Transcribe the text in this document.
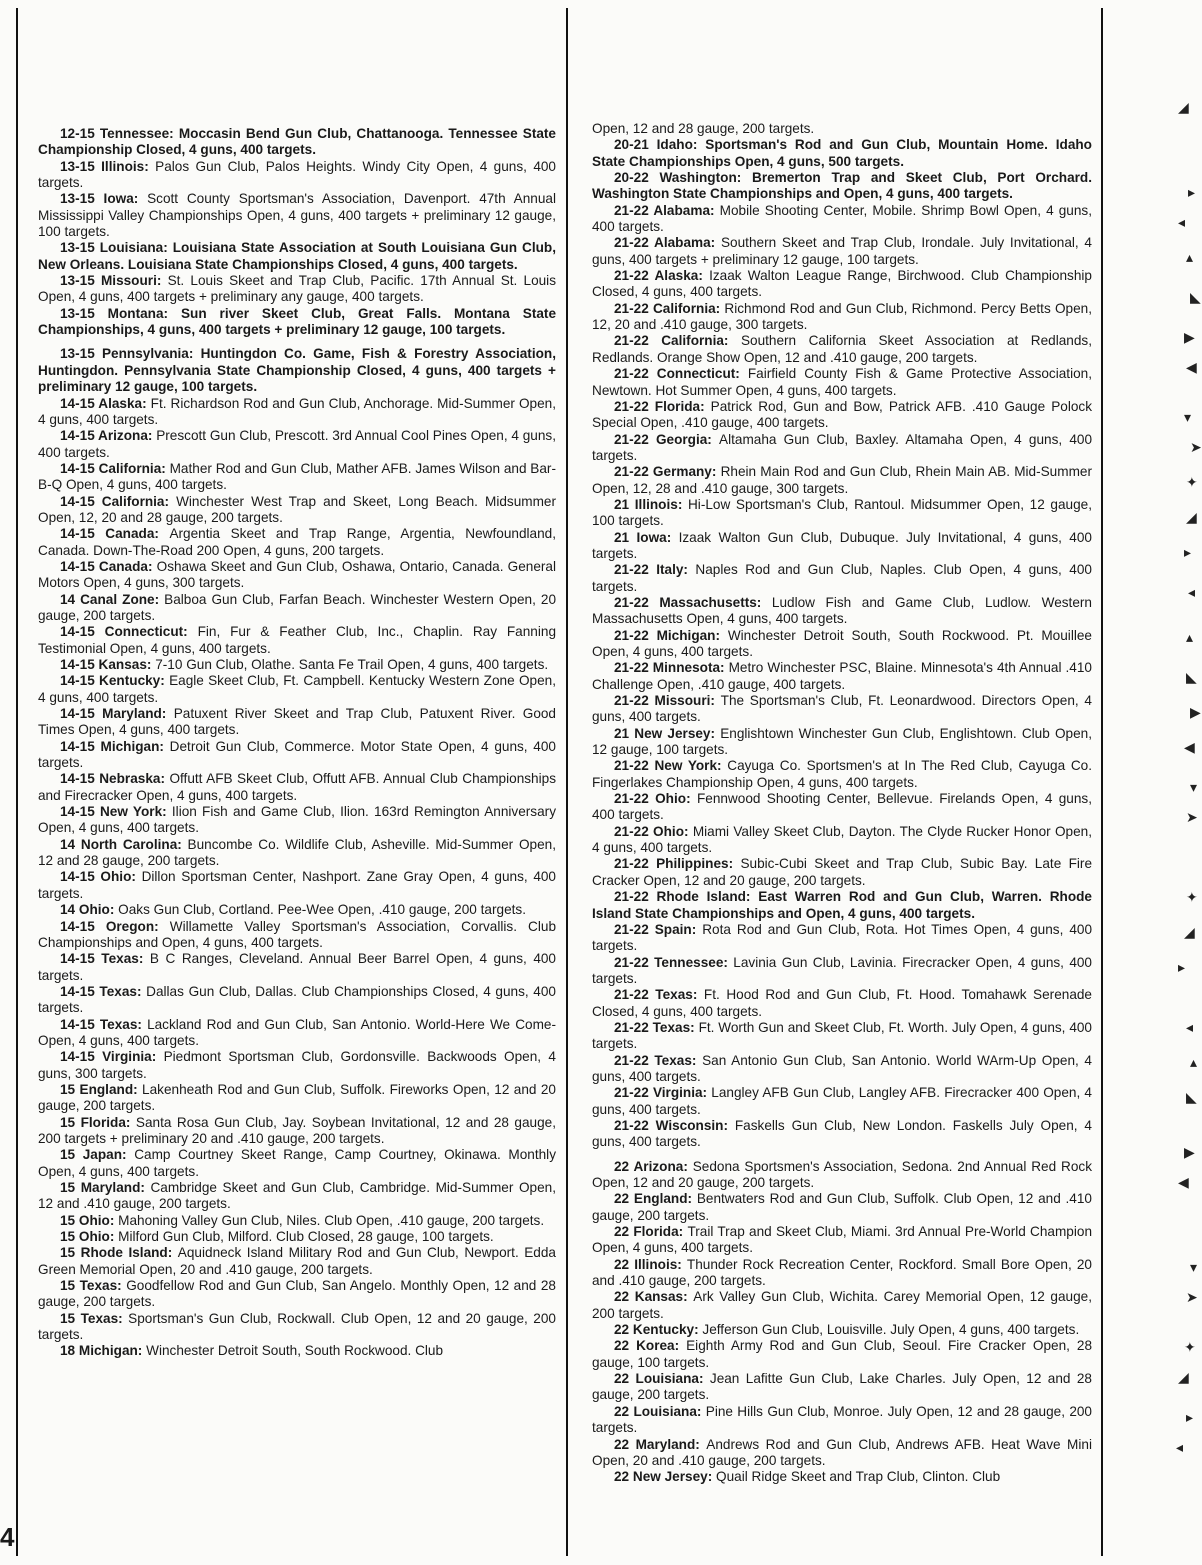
4

12-15 Tennessee: Moccasin Bend Gun Club, Chattanooga. Tennessee State Championship Closed, 4 guns, 400 targets.

13-15 Illinois: Palos Gun Club, Palos Heights. Windy City Open, 4 guns, 400 targets.

13-15 Iowa: Scott County Sportsman's Association, Davenport. 47th Annual Mississippi Valley Championships Open, 4 guns, 400 targets + preliminary 12 gauge, 100 targets.

13-15 Louisiana: Louisiana State Association at South Louisiana Gun Club, New Orleans. Louisiana State Championships Closed, 4 guns, 400 targets.

13-15 Missouri: St. Louis Skeet and Trap Club, Pacific. 17th Annual St. Louis Open, 4 guns, 400 targets + preliminary any gauge, 400 targets.

13-15 Montana: Sun river Skeet Club, Great Falls. Montana State Championships, 4 guns, 400 targets + preliminary 12 gauge, 100 targets.

13-15 Pennsylvania: Huntingdon Co. Game, Fish & Forestry Association, Huntingdon. Pennsylvania State Championship Closed, 4 guns, 400 targets + preliminary 12 gauge, 100 targets.

14-15 Alaska: Ft. Richardson Rod and Gun Club, Anchorage. Mid-Summer Open, 4 guns, 400 targets.

14-15 Arizona: Prescott Gun Club, Prescott. 3rd Annual Cool Pines Open, 4 guns, 400 targets.

14-15 California: Mather Rod and Gun Club, Mather AFB. James Wilson and Bar-B-Q Open, 4 guns, 400 targets.

14-15 California: Winchester West Trap and Skeet, Long Beach. Midsummer Open, 12, 20 and 28 gauge, 200 targets.

14-15 Canada: Argentia Skeet and Trap Range, Argentia, Newfoundland, Canada. Down-The-Road 200 Open, 4 guns, 200 targets.

14-15 Canada: Oshawa Skeet and Gun Club, Oshawa, Ontario, Canada. General Motors Open, 4 guns, 300 targets.

14 Canal Zone: Balboa Gun Club, Farfan Beach. Winchester Western Open, 20 gauge, 200 targets.

14-15 Connecticut: Fin, Fur & Feather Club, Inc., Chaplin. Ray Fanning Testimonial Open, 4 guns, 400 targets.

14-15 Kansas: 7-10 Gun Club, Olathe. Santa Fe Trail Open, 4 guns, 400 targets.

14-15 Kentucky: Eagle Skeet Club, Ft. Campbell. Kentucky Western Zone Open, 4 guns, 400 targets.

14-15 Maryland: Patuxent River Skeet and Trap Club, Patuxent River. Good Times Open, 4 guns, 400 targets.

14-15 Michigan: Detroit Gun Club, Commerce. Motor State Open, 4 guns, 400 targets.

14-15 Nebraska: Offutt AFB Skeet Club, Offutt AFB. Annual Club Championships and Firecracker Open, 4 guns, 400 targets.

14-15 New York: Ilion Fish and Game Club, Ilion. 163rd Remington Anniversary Open, 4 guns, 400 targets.

14 North Carolina: Buncombe Co. Wildlife Club, Asheville. Mid-Summer Open, 12 and 28 gauge, 200 targets.

14-15 Ohio: Dillon Sportsman Center, Nashport. Zane Gray Open, 4 guns, 400 targets.

14 Ohio: Oaks Gun Club, Cortland. Pee-Wee Open, .410 gauge, 200 targets.

14-15 Oregon: Willamette Valley Sportsman's Association, Corvallis. Club Championships and Open, 4 guns, 400 targets.

14-15 Texas: B C Ranges, Cleveland. Annual Beer Barrel Open, 4 guns, 400 targets.

14-15 Texas: Dallas Gun Club, Dallas. Club Championships Closed, 4 guns, 400 targets.

14-15 Texas: Lackland Rod and Gun Club, San Antonio. World-Here We Come-Open, 4 guns, 400 targets.

14-15 Virginia: Piedmont Sportsman Club, Gordonsville. Backwoods Open, 4 guns, 300 targets.

15 England: Lakenheath Rod and Gun Club, Suffolk. Fireworks Open, 12 and 20 gauge, 200 targets.

15 Florida: Santa Rosa Gun Club, Jay. Soybean Invitational, 12 and 28 gauge, 200 targets + preliminary 20 and .410 gauge, 200 targets.

15 Japan: Camp Courtney Skeet Range, Camp Courtney, Okinawa. Monthly Open, 4 guns, 400 targets.

15 Maryland: Cambridge Skeet and Gun Club, Cambridge. Mid-Summer Open, 12 and .410 gauge, 200 targets.

15 Ohio: Mahoning Valley Gun Club, Niles. Club Open, .410 gauge, 200 targets.

15 Ohio: Milford Gun Club, Milford. Club Closed, 28 gauge, 100 targets.

15 Rhode Island: Aquidneck Island Military Rod and Gun Club, Newport. Edda Green Memorial Open, 20 and .410 gauge, 200 targets.

15 Texas: Goodfellow Rod and Gun Club, San Angelo. Monthly Open, 12 and 28 gauge, 200 targets.

15 Texas: Sportsman's Gun Club, Rockwall. Club Open, 12 and 20 gauge, 200 targets.

18 Michigan: Winchester Detroit South, South Rockwood. Club

Open, 12 and 28 gauge, 200 targets.

20-21 Idaho: Sportsman's Rod and Gun Club, Mountain Home. Idaho State Championships Open, 4 guns, 500 targets.

20-22 Washington: Bremerton Trap and Skeet Club, Port Orchard. Washington State Championships and Open, 4 guns, 400 targets.

21-22 Alabama: Mobile Shooting Center, Mobile. Shrimp Bowl Open, 4 guns, 400 targets.

21-22 Alabama: Southern Skeet and Trap Club, Irondale. July Invitational, 4 guns, 400 targets + preliminary 12 gauge, 100 targets.

21-22 Alaska: Izaak Walton League Range, Birchwood. Club Championship Closed, 4 guns, 400 targets.

21-22 California: Richmond Rod and Gun Club, Richmond. Percy Betts Open, 12, 20 and .410 gauge, 300 targets.

21-22 California: Southern California Skeet Association at Redlands, Redlands. Orange Show Open, 12 and .410 gauge, 200 targets.

21-22 Connecticut: Fairfield County Fish & Game Protective Association, Newtown. Hot Summer Open, 4 guns, 400 targets.

21-22 Florida: Patrick Rod, Gun and Bow, Patrick AFB. .410 Gauge Polock Special Open, .410 gauge, 400 targets.

21-22 Georgia: Altamaha Gun Club, Baxley. Altamaha Open, 4 guns, 400 targets.

21-22 Germany: Rhein Main Rod and Gun Club, Rhein Main AB. Mid-Summer Open, 12, 28 and .410 gauge, 300 targets.

21 Illinois: Hi-Low Sportsman's Club, Rantoul. Midsummer Open, 12 gauge, 100 targets.

21 Iowa: Izaak Walton Gun Club, Dubuque. July Invitational, 4 guns, 400 targets.

21-22 Italy: Naples Rod and Gun Club, Naples. Club Open, 4 guns, 400 targets.

21-22 Massachusetts: Ludlow Fish and Game Club, Ludlow. Western Massachusetts Open, 4 guns, 400 targets.

21-22 Michigan: Winchester Detroit South, South Rockwood. Pt. Mouillee Open, 4 guns, 400 targets.

21-22 Minnesota: Metro Winchester PSC, Blaine. Minnesota's 4th Annual .410 Challenge Open, .410 gauge, 400 targets.

21-22 Missouri: The Sportsman's Club, Ft. Leonardwood. Directors Open, 4 guns, 400 targets.

21 New Jersey: Englishtown Winchester Gun Club, Englishtown. Club Open, 12 gauge, 100 targets.

21-22 New York: Cayuga Co. Sportsmen's at In The Red Club, Cayuga Co. Fingerlakes Championship Open, 4 guns, 400 targets.

21-22 Ohio: Fennwood Shooting Center, Bellevue. Firelands Open, 4 guns, 400 targets.

21-22 Ohio: Miami Valley Skeet Club, Dayton. The Clyde Rucker Honor Open, 4 guns, 400 targets.

21-22 Philippines: Subic-Cubi Skeet and Trap Club, Subic Bay. Late Fire Cracker Open, 12 and 20 gauge, 200 targets.

21-22 Rhode Island: East Warren Rod and Gun Club, Warren. Rhode Island State Championships and Open, 4 guns, 400 targets.

21-22 Spain: Rota Rod and Gun Club, Rota. Hot Times Open, 4 guns, 400 targets.

21-22 Tennessee: Lavinia Gun Club, Lavinia. Firecracker Open, 4 guns, 400 targets.

21-22 Texas: Ft. Hood Rod and Gun Club, Ft. Hood. Tomahawk Serenade Closed, 4 guns, 400 targets.

21-22 Texas: Ft. Worth Gun and Skeet Club, Ft. Worth. July Open, 4 guns, 400 targets.

21-22 Texas: San Antonio Gun Club, San Antonio. World WArm-Up Open, 4 guns, 400 targets.

21-22 Virginia: Langley AFB Gun Club, Langley AFB. Firecracker 400 Open, 4 guns, 400 targets.

21-22 Wisconsin: Faskells Gun Club, New London. Faskells July Open, 4 guns, 400 targets.

22 Arizona: Sedona Sportsmen's Association, Sedona. 2nd Annual Red Rock Open, 12 and 20 gauge, 200 targets.

22 England: Bentwaters Rod and Gun Club, Suffolk. Club Open, 12 and .410 gauge, 200 targets.

22 Florida: Trail Trap and Skeet Club, Miami. 3rd Annual Pre-World Champion Open, 4 guns, 400 targets.

22 Illinois: Thunder Rock Recreation Center, Rockford. Small Bore Open, 20 and .410 gauge, 200 targets.

22 Kansas: Ark Valley Gun Club, Wichita. Carey Memorial Open, 12 gauge, 200 targets.

22 Kentucky: Jefferson Gun Club, Louisville. July Open, 4 guns, 400 targets.

22 Korea: Eighth Army Rod and Gun Club, Seoul. Fire Cracker Open, 28 gauge, 100 targets.

22 Louisiana: Jean Lafitte Gun Club, Lake Charles. July Open, 12 and 28 gauge, 200 targets.

22 Louisiana: Pine Hills Gun Club, Monroe. July Open, 12 and 28 gauge, 200 targets.

22 Maryland: Andrews Rod and Gun Club, Andrews AFB. Heat Wave Mini Open, 20 and .410 gauge, 200 targets.

22 New Jersey: Quail Ridge Skeet and Trap Club, Clinton. Club

◢
▸
◂
▴
◣
▶
◀
▾
➤
✦
◢
▸
◂
▴
◣
▶
◀
▾
➤
✦
◢
▸
◂
▴
◣
▶
◀
▾
➤
✦
◢
▸
◂
